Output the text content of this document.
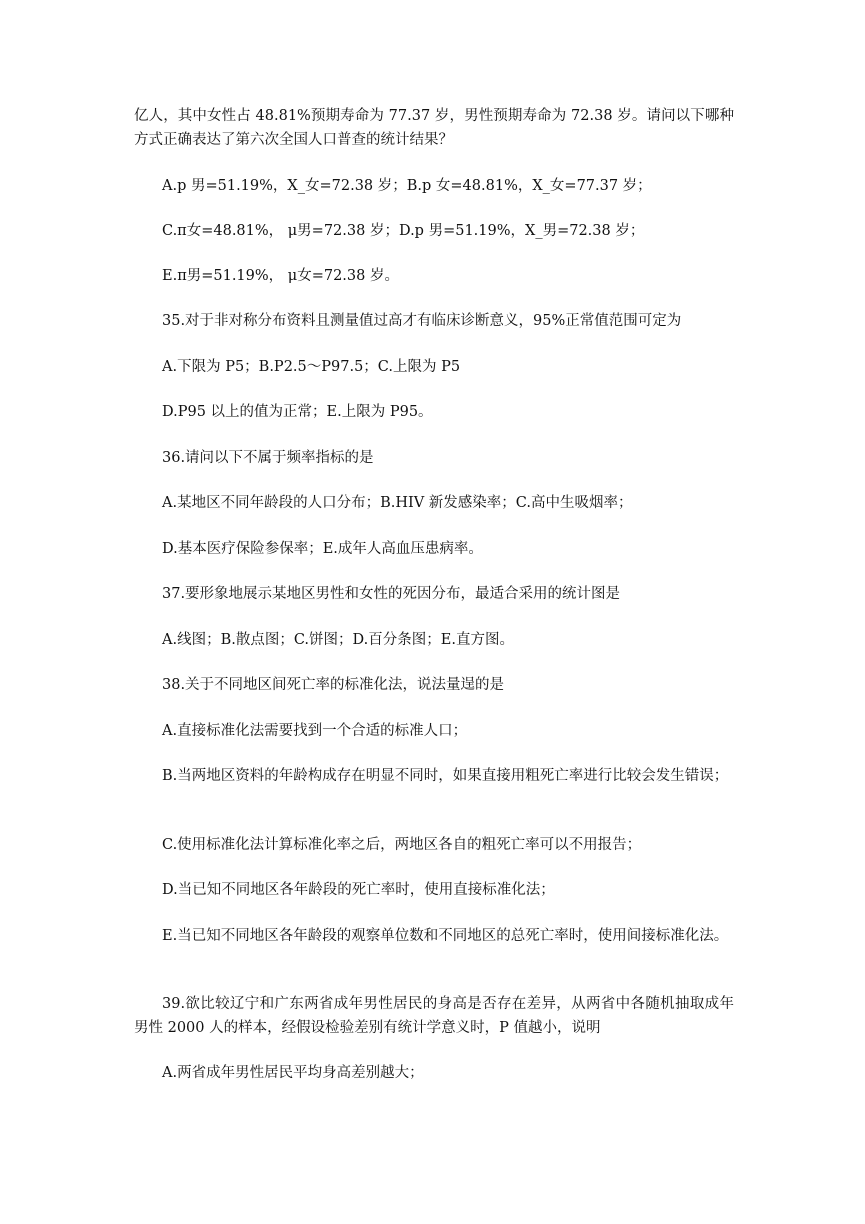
亿人，其中女性占 48.81%预期寿命为 77.37 岁，男性预期寿命为 72.38 岁。请问以下哪种方式正确表达了第六次全国人口普查的统计结果？

A.p 男=51.19%，X_女=72.38 岁；B.p 女=48.81%，X_女=77.37 岁；

C.π女=48.81%， μ男=72.38 岁；D.p 男=51.19%，X_男=72.38 岁；

E.π男=51.19%， μ女=72.38 岁。

35.对于非对称分布资料且测量值过高才有临床诊断意义，95%正常值范围可定为

A.下限为 P5；B.P2.5～P97.5；C.上限为 P5

D.P95 以上的值为正常；E.上限为 P95。

36.请问以下不属于频率指标的是

A.某地区不同年龄段的人口分布；B.HIV 新发感染率；C.高中生吸烟率；

D.基本医疗保险参保率；E.成年人高血压患病率。

37.要形象地展示某地区男性和女性的死因分布，最适合采用的统计图是

A.线图；B.散点图；C.饼图；D.百分条图；E.直方图。

38.关于不同地区间死亡率的标准化法，说法量逞的是

A.直接标准化法需要找到一个合适的标准人口；

B.当两地区资料的年龄构成存在明显不同时，如果直接用粗死亡率进行比较会发生错误；

C.使用标准化法计算标准化率之后，两地区各自的粗死亡率可以不用报告；

D.当已知不同地区各年龄段的死亡率时，使用直接标准化法；

E.当已知不同地区各年龄段的观察单位数和不同地区的总死亡率时，使用间接标准化法。

39.欲比较辽宁和广东两省成年男性居民的身高是否存在差异，从两省中各随机抽取成年男性 2000 人的样本，经假设检验差别有统计学意义时，P 值越小，说明

A.两省成年男性居民平均身高差别越大；
